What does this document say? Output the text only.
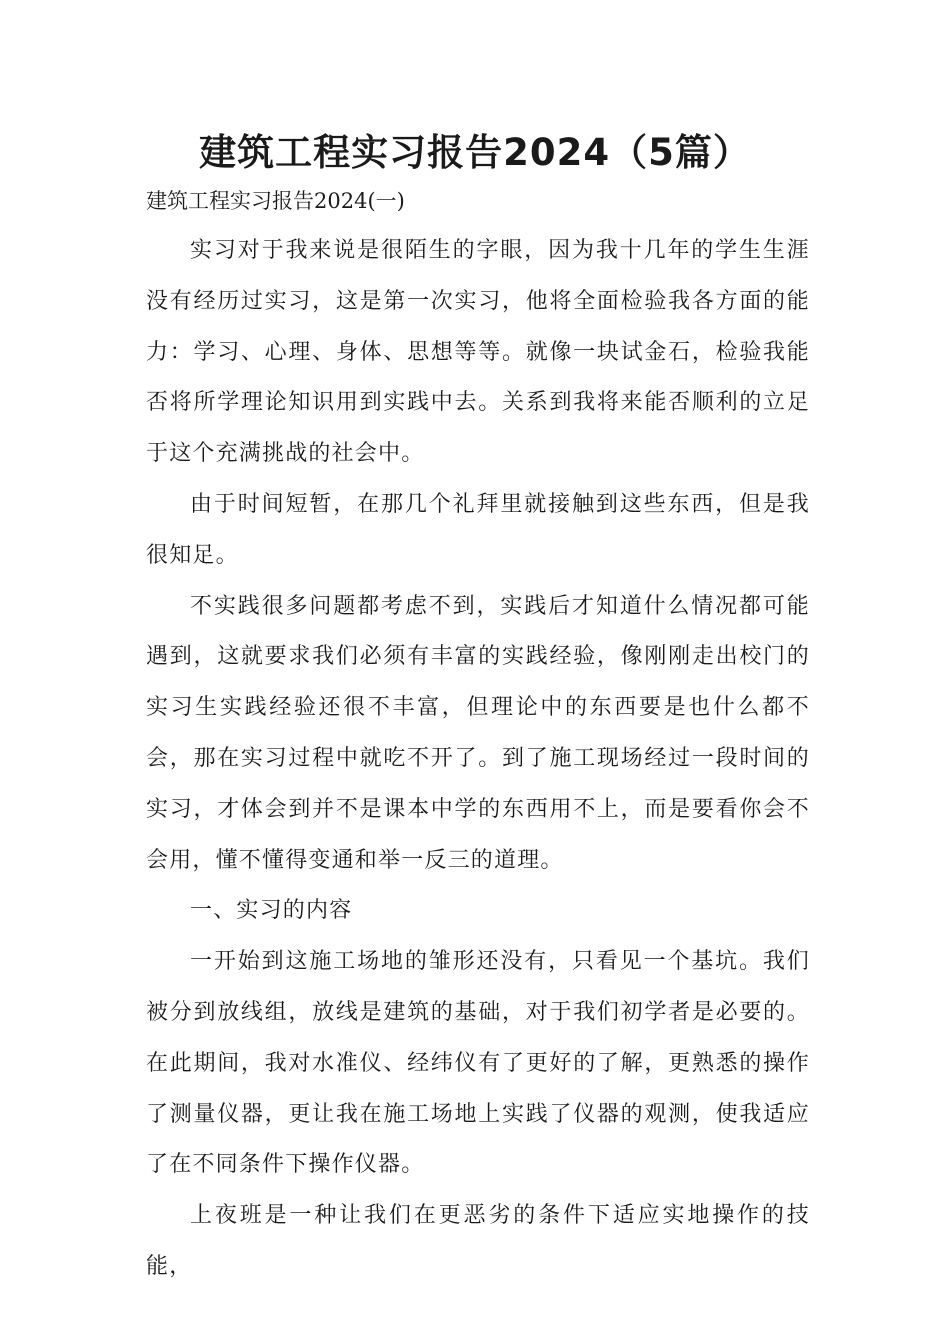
建筑工程实习报告2024（5篇）

建筑工程实习报告2024(一)

实习对于我来说是很陌生的字眼，因为我十几年的学生生涯没有经历过实习，这是第一次实习，他将全面检验我各方面的能力：学习、心理、身体、思想等等。就像一块试金石，检验我能否将所学理论知识用到实践中去。关系到我将来能否顺利的立足于这个充满挑战的社会中。

由于时间短暂，在那几个礼拜里就接触到这些东西，但是我很知足。

不实践很多问题都考虑不到，实践后才知道什么情况都可能遇到，这就要求我们必须有丰富的实践经验，像刚刚走出校门的实习生实践经验还很不丰富，但理论中的东西要是也什么都不会，那在实习过程中就吃不开了。到了施工现场经过一段时间的实习，才体会到并不是课本中学的东西用不上，而是要看你会不会用，懂不懂得变通和举一反三的道理。

一、实习的内容

一开始到这施工场地的雏形还没有，只看见一个基坑。我们被分到放线组，放线是建筑的基础，对于我们初学者是必要的。在此期间，我对水准仪、经纬仪有了更好的了解，更熟悉的操作了测量仪器，更让我在施工场地上实践了仪器的观测，使我适应了在不同条件下操作仪器。

上夜班是一种让我们在更恶劣的条件下适应实地操作的技能，
